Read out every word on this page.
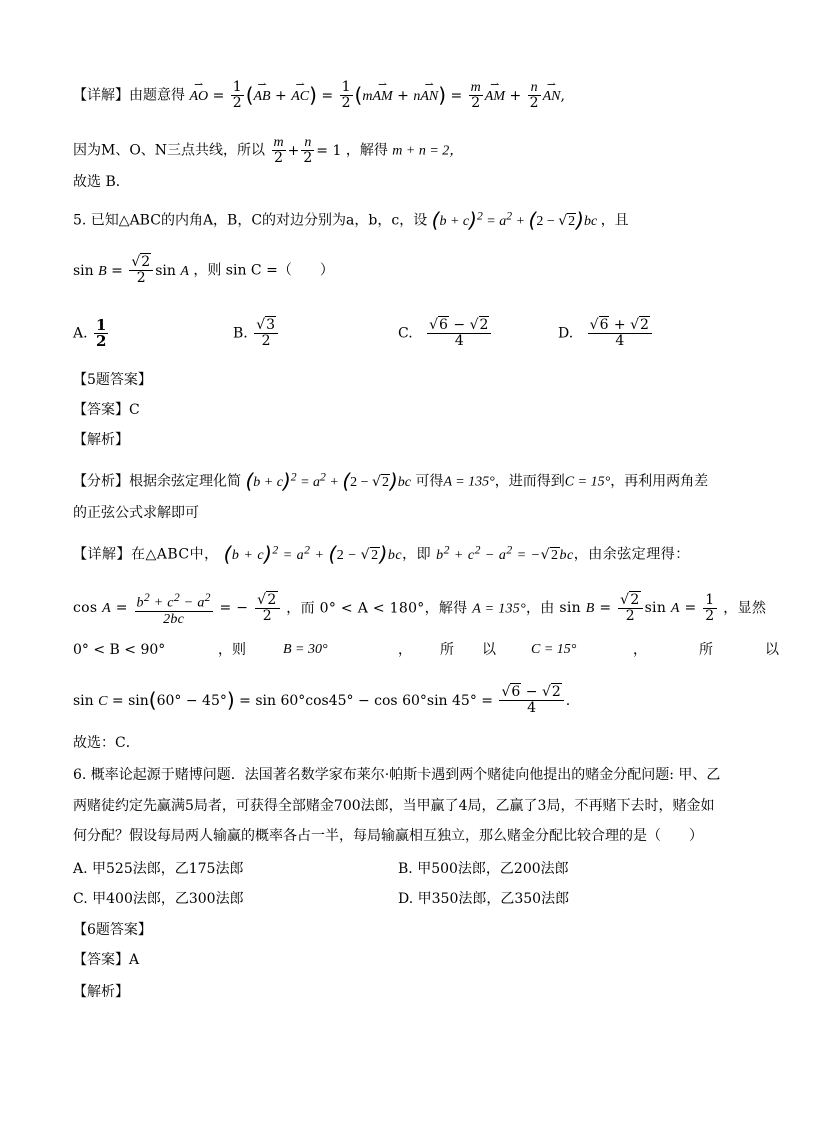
【详解】由题意得 ⇀ AO = $\frac{1}{2}$ (⇀ AB + ⇀ $AC) = \frac{1}{2}$ (m⇀ AM + n⇀ $AN) = \frac{m}{2}$ ⇀ AM + $\frac{n}{2}$ ⇀ AN,
因为M、O、N三点共线，所以 $\frac{m}{2} + \frac{n}{2} = 1$ ，解得 m + n = 2，
故选 B．
5. 已知△ABC的内角A，B，C的对边分别为a，b，c，设 $(b + c)^2 = a^2 + (2 - √2)bc$ ，且
$\sin B = \frac{√2}{2}$ sin A ，则 sin C =（　　）
A. $\frac{1}{2}$	B. $\frac{√3}{2}$	C. $\frac{√6 - √2}{4}$	D. $\frac{√6 + √2}{4}$
【5题答案】
【答案】C
【解析】
【分析】根据余弦定理化简 $(b + c)^2 = a^2 + (2 - √2)bc$ 可得A = 135°，进而得到C = 15°，再利用两角差
的正弦公式求解即可
【详解】在△ABC中， $(b + c)^2 = a^2 + (2 - √2)bc$，即 $b^2 + c^2 - a^2 = -√2bc$，由余弦定理得：
$\cos A = \frac{b^2 + c^2 - a^2}{2bc}$ = − $\frac{√2}{2}$ ，而 0° < A < 180°，解得 A = 135°，由 $\sin B = \frac{√2}{2}$ $\sin A = \frac{1}{2}$ ，显然
0° < B < 90°	，则	B = 30°	，所以 C = 15°	，所以
sin C = sin(60° − 45°) = sin 60°cos45° − cos 60°sin $45^\circ = \frac{√6 - √2}{4}$ .
故选：C．
6. 概率论起源于赌博问题．法国著名数学家布莱尔·帕斯卡遇到两个赌徒向他提出的赌金分配问题: 甲、乙
两赌徒约定先赢满5局者，可获得全部赌金700法郎，当甲赢了4局，乙赢了3局，不再赌下去时，赌金如
何分配？假设每局两人输赢的概率各占一半，每局输赢相互独立，那么赌金分配比较合理的是（　　）
A. 甲525法郎，乙175法郎	B. 甲500法郎，乙200法郎
C. 甲400法郎，乙300法郎	D. 甲350法郎，乙350法郎
【6题答案】
【答案】A
【解析】
